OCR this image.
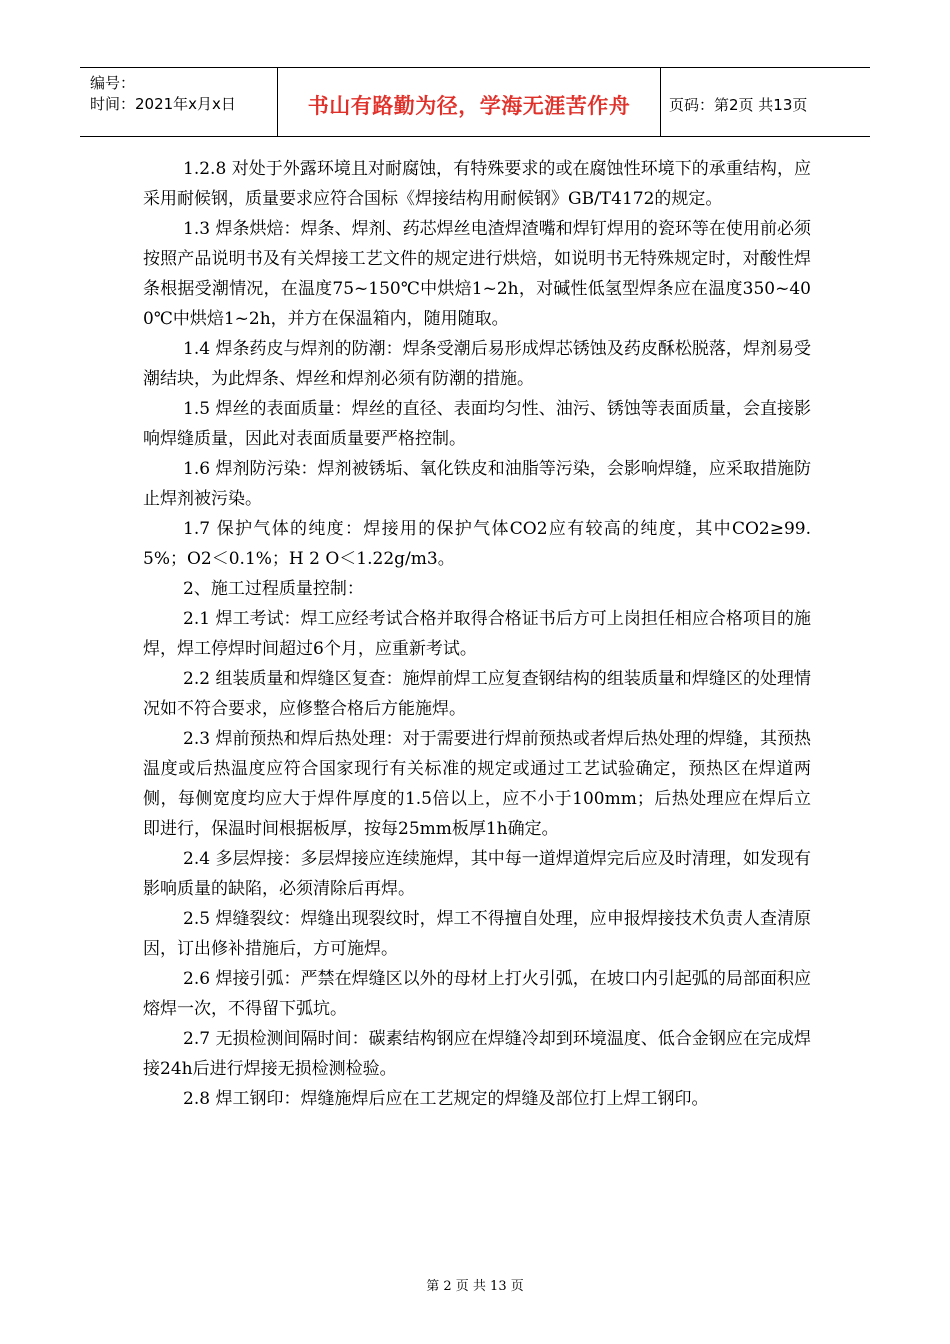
编号：
时间：2021年x月x日	书山有路勤为径，学海无涯苦作舟	页码：第2页 共13页

1.2.8 对处于外露环境且对耐腐蚀，有特殊要求的或在腐蚀性环境下的承重结构，应采用耐候钢，质量要求应符合国标《焊接结构用耐候钢》GB/T4172的规定。

1.3 焊条烘焙：焊条、焊剂、药芯焊丝电渣焊渣嘴和焊钉焊用的瓷环等在使用前必须按照产品说明书及有关焊接工艺文件的规定进行烘焙，如说明书无特殊规定时，对酸性焊条根据受潮情况，在温度75~150℃中烘焙1~2h，对碱性低氢型焊条应在温度350~400℃中烘焙1~2h，并方在保温箱内，随用随取。

1.4 焊条药皮与焊剂的防潮：焊条受潮后易形成焊芯锈蚀及药皮酥松脱落，焊剂易受潮结块，为此焊条、焊丝和焊剂必须有防潮的措施。

1.5 焊丝的表面质量：焊丝的直径、表面均匀性、油污、锈蚀等表面质量，会直接影响焊缝质量，因此对表面质量要严格控制。

1.6 焊剂防污染：焊剂被锈垢、氧化铁皮和油脂等污染，会影响焊缝，应采取措施防止焊剂被污染。

1.7 保护气体的纯度：焊接用的保护气体CO2应有较高的纯度，其中CO2≥99.5%；O2＜0.1%；H 2 O＜1.22g/m3。

2、施工过程质量控制：

2.1 焊工考试：焊工应经考试合格并取得合格证书后方可上岗担任相应合格项目的施焊，焊工停焊时间超过6个月，应重新考试。

2.2 组装质量和焊缝区复查：施焊前焊工应复查钢结构的组装质量和焊缝区的处理情况如不符合要求，应修整合格后方能施焊。

2.3 焊前预热和焊后热处理：对于需要进行焊前预热或者焊后热处理的焊缝，其预热温度或后热温度应符合国家现行有关标准的规定或通过工艺试验确定，预热区在焊道两侧，每侧宽度均应大于焊件厚度的1.5倍以上，应不小于100mm；后热处理应在焊后立即进行，保温时间根据板厚，按每25mm板厚1h确定。

2.4 多层焊接：多层焊接应连续施焊，其中每一道焊道焊完后应及时清理，如发现有影响质量的缺陷，必须清除后再焊。

2.5 焊缝裂纹：焊缝出现裂纹时，焊工不得擅自处理，应申报焊接技术负责人查清原因，订出修补措施后，方可施焊。

2.6 焊接引弧：严禁在焊缝区以外的母材上打火引弧，在坡口内引起弧的局部面积应熔焊一次，不得留下弧坑。

2.7 无损检测间隔时间：碳素结构钢应在焊缝冷却到环境温度、低合金钢应在完成焊接24h后进行焊接无损检测检验。

2.8 焊工钢印：焊缝施焊后应在工艺规定的焊缝及部位打上焊工钢印。

第 2 页 共 13 页
